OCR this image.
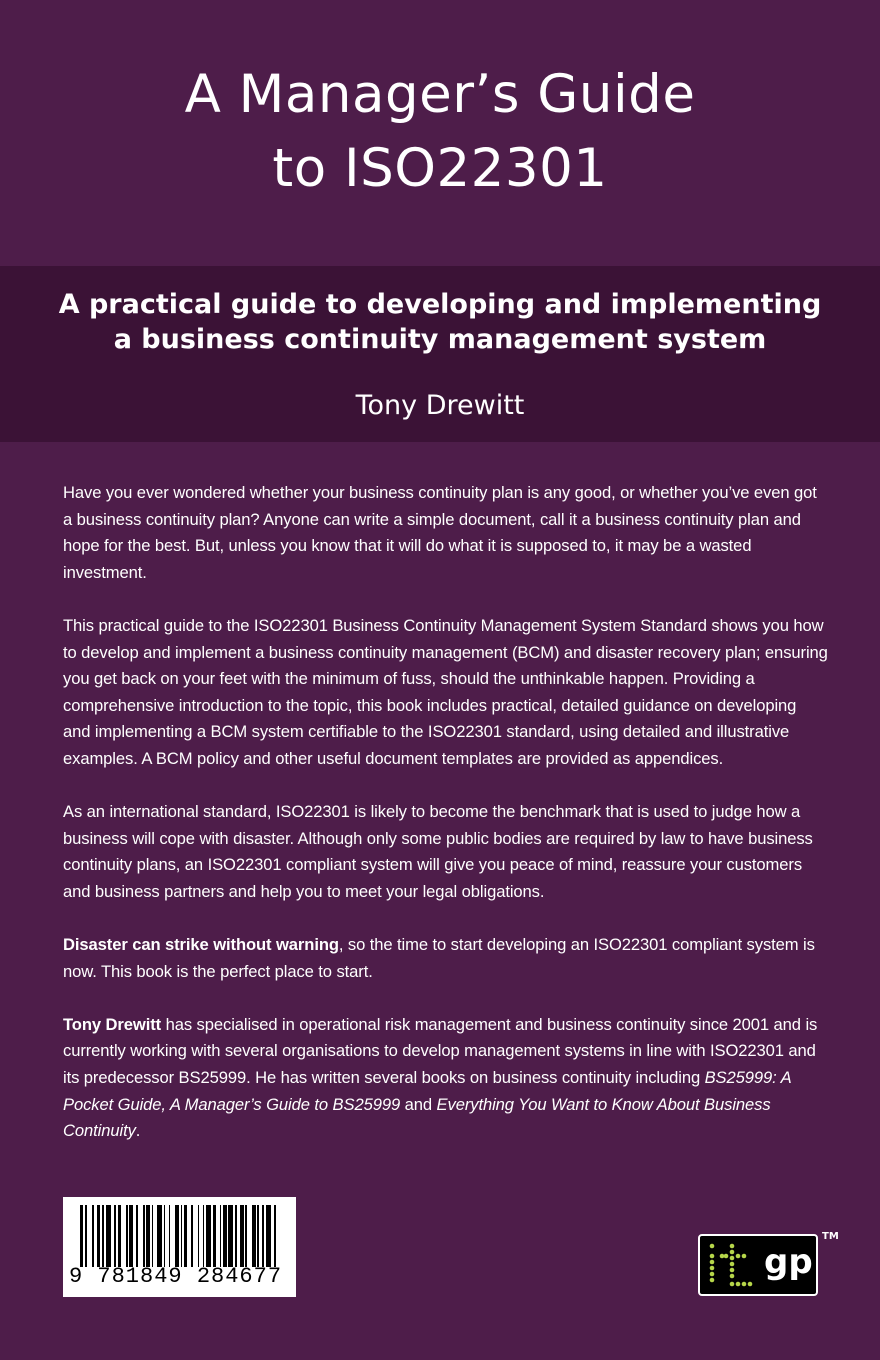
A Manager’s Guide
to ISO22301
A practical guide to developing and implementing
a business continuity management system
Tony Drewitt

Have you ever wondered whether your business continuity plan is any good, or whether you’ve even got a business continuity plan? Anyone can write a simple document, call it a business continuity plan and hope for the best. But, unless you know that it will do what it is supposed to, it may be a wasted investment.

This practical guide to the ISO22301 Business Continuity Management System Standard shows you how to develop and implement a business continuity management (BCM) and disaster recovery plan; ensuring you get back on your feet with the minimum of fuss, should the unthinkable happen. Providing a comprehensive introduction to the topic, this book includes practical, detailed guidance on developing and implementing a BCM system certifiable to the ISO22301 standard, using detailed and illustrative examples. A BCM policy and other useful document templates are provided as appendices.

As an international standard, ISO22301 is likely to become the benchmark that is used to judge how a business will cope with disaster. Although only some public bodies are required by law to have business continuity plans, an ISO22301 compliant system will give you peace of mind, reassure your customers and business partners and help you to meet your legal obligations.

Disaster can strike without warning, so the time to start developing an ISO22301 compliant system is now. This book is the perfect place to start.

Tony Drewitt has specialised in operational risk management and business continuity since 2001 and is currently working with several organisations to develop management systems in line with ISO22301 and its predecessor BS25999. He has written several books on business continuity including BS25999: A Pocket Guide, A Manager’s Guide to BS25999 and Everything You Want to Know About Business Continuity.

9 781849 284677	gp
TM
